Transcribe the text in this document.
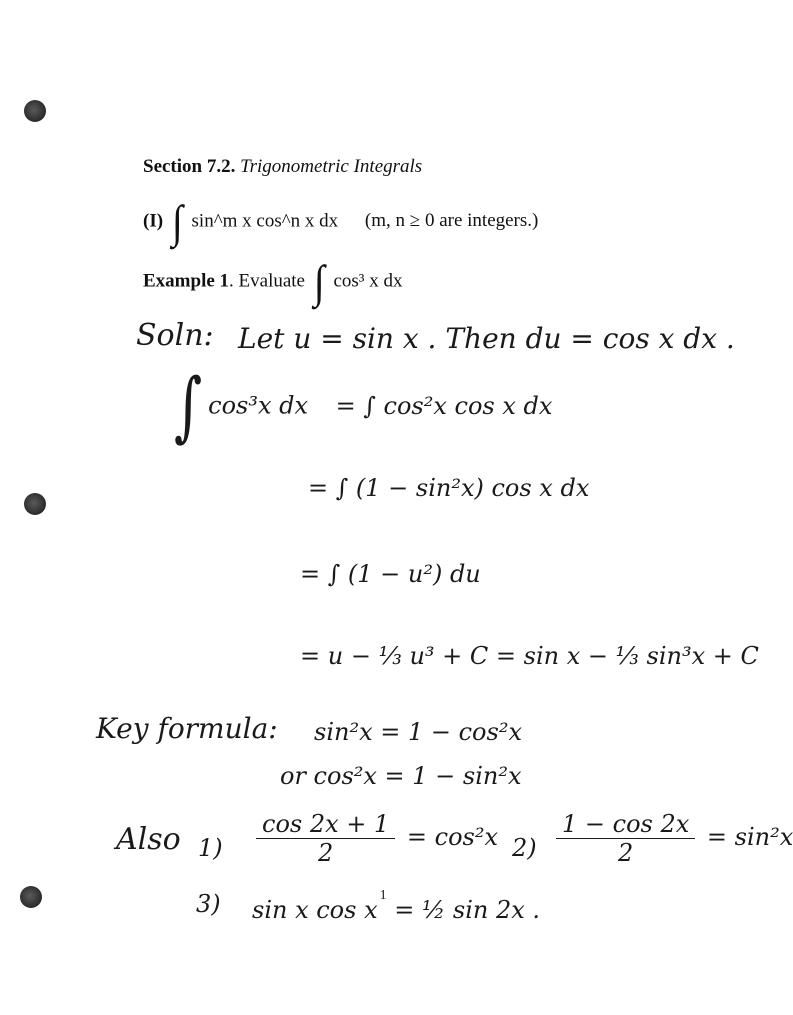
Section 7.2. Trigonometric Integrals
(I) ∫ sin^m x cos^n x dx (m, n ≥ 0 are integers.)
Example 1. Evaluate ∫ cos³ x dx
Soln: Let u = sin x . Then du = cos x dx .
∫ cos³x dx = ∫ cos²x cos x dx
= ∫ (1 − sin²x) cos x dx
= ∫ (1 − u²) du
= u − ⅓ u³ + C = sin x − ⅓ sin³x + C
Key formula: sin²x = 1 − cos²x
or cos²x = 1 − sin²x
Also $1) \frac{\cos 2x + 1}{2} = \cos^2x$ $2) \frac{1 - \cos 2x}{2} = \sin^2x$
3) sin x $\cos x^1$ = ½ sin 2x .
